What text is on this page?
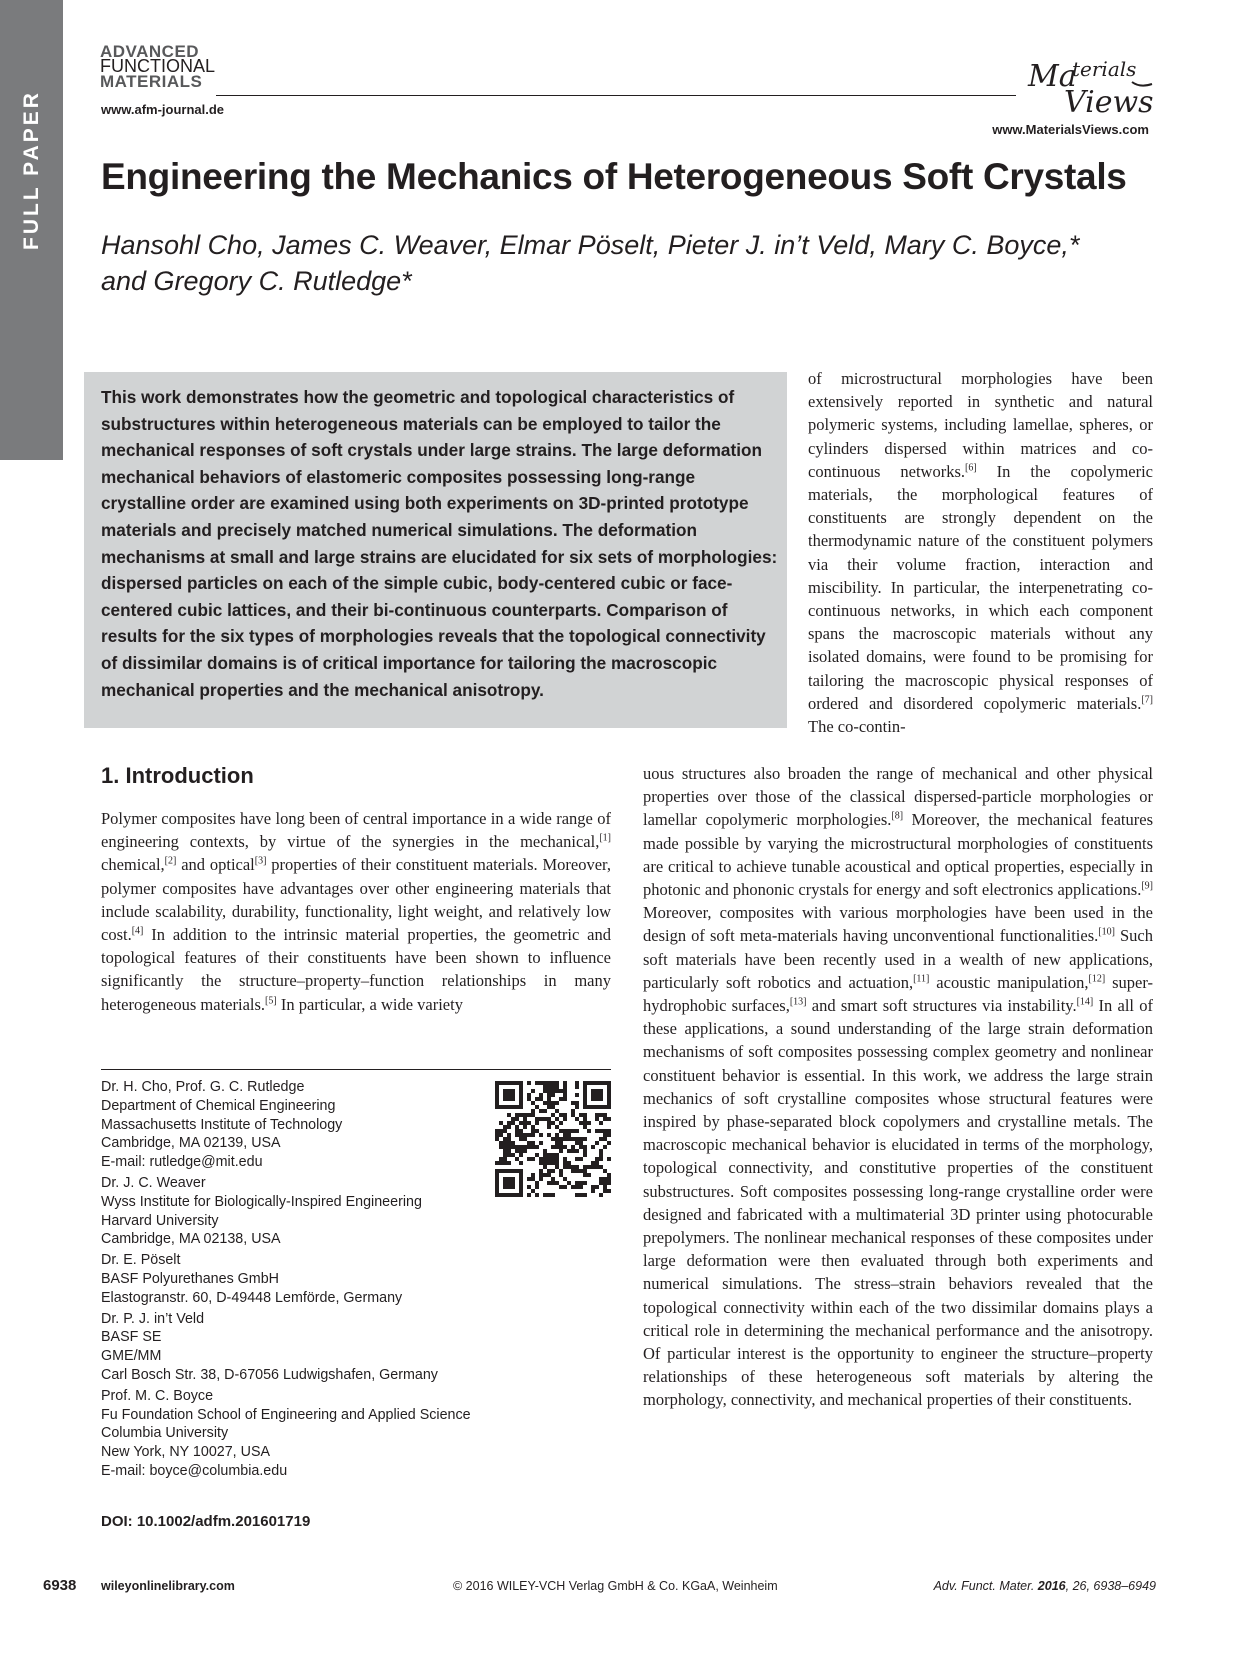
FULL PAPER
ADVANCED
FUNCTIONAL
MATERIALS
www.afm-journal.de
Ma
terials
Views
www.MaterialsViews.com
Engineering the Mechanics of Heterogeneous Soft Crystals
Hansohl Cho, James C. Weaver, Elmar Pöselt, Pieter J. in’t Veld, Mary C. Boyce,*
and Gregory C. Rutledge*
This work demonstrates how the geometric and topological characteristics of substructures within heterogeneous materials can be employed to tailor the mechanical responses of soft crystals under large strains. The large deformation mechanical behaviors of elastomeric composites possessing long-range crystalline order are examined using both experiments on 3D-printed prototype materials and precisely matched numerical simulations. The deformation mechanisms at small and large strains are elucidated for six sets of morphologies: dispersed particles on each of the simple cubic, body-centered cubic or face-centered cubic lattices, and their bi-continuous counterparts. Comparison of results for the six types of morphologies reveals that the topological connectivity of dissimilar domains is of critical importance for tailoring the macroscopic mechanical properties and the mechanical anisotropy.
of microstructural morphologies have been extensively reported in synthetic and natural polymeric systems, including lamellae, spheres, or cylinders dispersed within matrices and co-continuous networks.[6] In the copolymeric materials, the morphological features of constituents are strongly dependent on the thermodynamic nature of the constituent polymers via their volume fraction, interaction and miscibility. In particular, the interpenetrating co-continuous networks, in which each component spans the macroscopic materials without any isolated domains, were found to be promising for tailoring the macroscopic physical responses of ordered and disordered copolymeric materials.[7] The co-contin-
1. Introduction
Polymer composites have long been of central importance in a wide range of engineering contexts, by virtue of the synergies in the mechanical,[1] chemical,[2] and optical[3] properties of their constituent materials. Moreover, polymer composites have advantages over other engineering materials that include scalability, durability, functionality, light weight, and relatively low cost.[4] In addition to the intrinsic material properties, the geometric and topological features of their constituents have been shown to influence significantly the structure–property–function relationships in many heterogeneous materials.[5] In particular, a wide variety
uous structures also broaden the range of mechanical and other physical properties over those of the classical dispersed-particle morphologies or lamellar copolymeric morphologies.[8] Moreover, the mechanical features made possible by varying the microstructural morphologies of constituents are critical to achieve tunable acoustical and optical properties, especially in photonic and phononic crystals for energy and soft electronics applications.[9] Moreover, composites with various morphologies have been used in the design of soft meta-materials having unconventional functionalities.[10] Such soft materials have been recently used in a wealth of new applications, particularly soft robotics and actuation,[11] acoustic manipulation,[12] super-hydrophobic surfaces,[13] and smart soft structures via instability.[14] In all of these applications, a sound understanding of the large strain deformation mechanisms of soft composites possessing complex geometry and nonlinear constituent behavior is essential. In this work, we address the large strain mechanics of soft crystalline composites whose structural features were inspired by phase-separated block copolymers and crystalline metals. The macroscopic mechanical behavior is elucidated in terms of the morphology, topological connectivity, and constitutive properties of the constituent substructures. Soft composites possessing long-range crystalline order were designed and fabricated with a multimaterial 3D printer using photocurable prepolymers. The nonlinear mechanical responses of these composites under large deformation were then evaluated through both experiments and numerical simulations. The stress–strain behaviors revealed that the topological connectivity within each of the two dissimilar domains plays a critical role in determining the mechanical performance and the anisotropy. Of particular interest is the opportunity to engineer the structure–property relationships of these heterogeneous soft materials by altering the morphology, connectivity, and mechanical properties of their constituents.
Dr. H. Cho, Prof. G. C. Rutledge
Department of Chemical Engineering
Massachusetts Institute of Technology
Cambridge, MA 02139, USA
E-mail: rutledge@mit.edu
Dr. J. C. Weaver
Wyss Institute for Biologically-Inspired Engineering
Harvard University
Cambridge, MA 02138, USA
Dr. E. Pöselt
BASF Polyurethanes GmbH
Elastogranstr. 60, D-49448 Lemförde, Germany
Dr. P. J. in’t Veld
BASF SE
GME/MM
Carl Bosch Str. 38, D-67056 Ludwigshafen, Germany
Prof. M. C. Boyce
Fu Foundation School of Engineering and Applied Science
Columbia University
New York, NY 10027, USA
E-mail: boyce@columbia.edu
DOI: 10.1002/adfm.201601719
6938 wileyonlinelibrary.com	© 2016 WILEY-VCH Verlag GmbH & Co. KGaA, Weinheim	Adv. Funct. Mater. 2016, 26, 6938–6949
